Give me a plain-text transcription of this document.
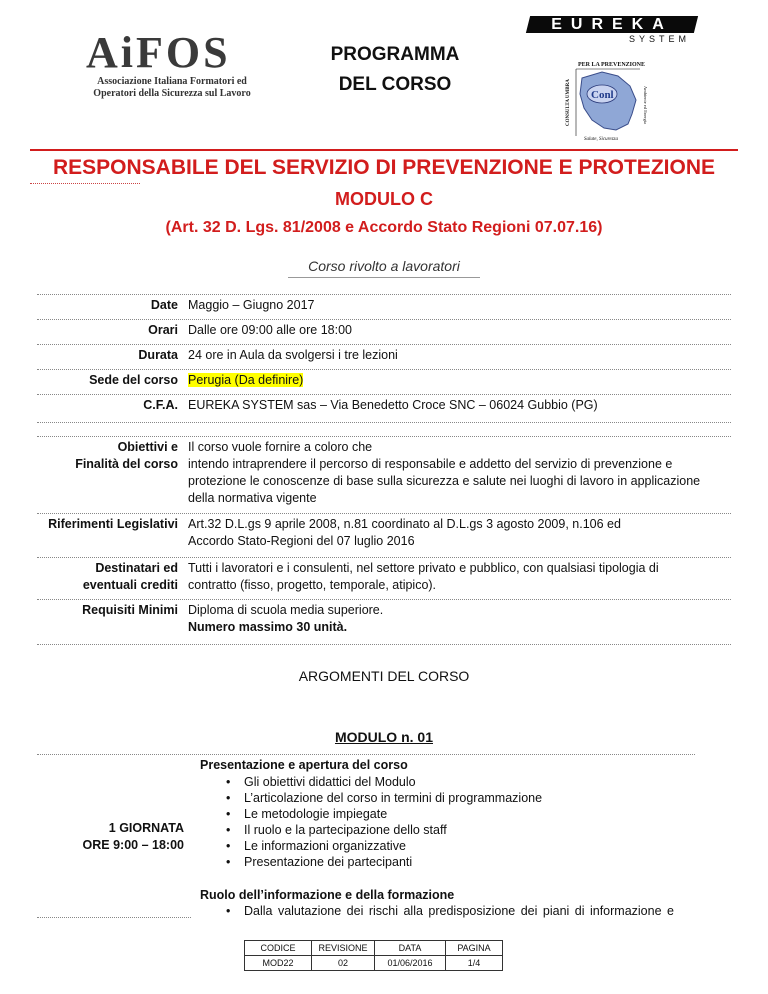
AiFOS
Associazione Italiana Formatori ed
Operatori della Sicurezza sul Lavoro
PROGRAMMA
DEL CORSO
EUREKA
SYSTEM
PER LA PREVENZIONE
CONSULTA UMBRA Conl	Ambiente ed Energia
Salute, Sicurezza
RESPONSABILE DEL SERVIZIO DI PREVENZIONE E PROTEZIONE
MODULO C
(Art. 32 D. Lgs. 81/2008 e Accordo Stato Regioni 07.07.16)
Corso rivolto a lavoratori
Date Maggio – Giugno 2017
Orari Dalle ore 09:00 alle ore 18:00
Durata 24 ore in Aula da svolgersi i tre lezioni
Sede del corso Perugia (Da definire)
C.F.A. EUREKA SYSTEM sas – Via Benedetto Croce SNC – 06024 Gubbio (PG)
Obiettivi e
Finalità del corso
Il corso vuole fornire a coloro che
intendo intraprendere il percorso di responsabile e addetto del servizio di prevenzione e
protezione le conoscenze di base sulla sicurezza e salute nei luoghi di lavoro in applicazione
della normativa vigente
Riferimenti Legislativi Art.32 D.L.gs 9 aprile 2008, n.81 coordinato al D.L.gs 3 agosto 2009, n.106 ed
Accordo Stato-Regioni del 07 luglio 2016
Destinatari ed
eventuali crediti
Tutti i lavoratori e i consulenti, nel settore privato e pubblico, con qualsiasi tipologia di
contratto (fisso, progetto, temporale, atipico).
Requisiti Minimi Diploma di scuola media superiore.
Numero massimo 30 unità.
ARGOMENTI DEL CORSO
MODULO n. 01
1 GIORNATA
ORE 9:00 – 18:00
Presentazione e apertura del corso
• Gli obiettivi didattici del Modulo
• L’articolazione del corso in termini di programmazione
• Le metodologie impiegate
• Il ruolo e la partecipazione dello staff
• Le informazioni organizzative
• Presentazione dei partecipanti
Ruolo dell’informazione e della formazione
• Dalla valutazione dei rischi alla predisposizione dei piani di informazione e
CODICE	REVISIONE	DATA	PAGINA
MOD22	02	01/06/2016	1/4
